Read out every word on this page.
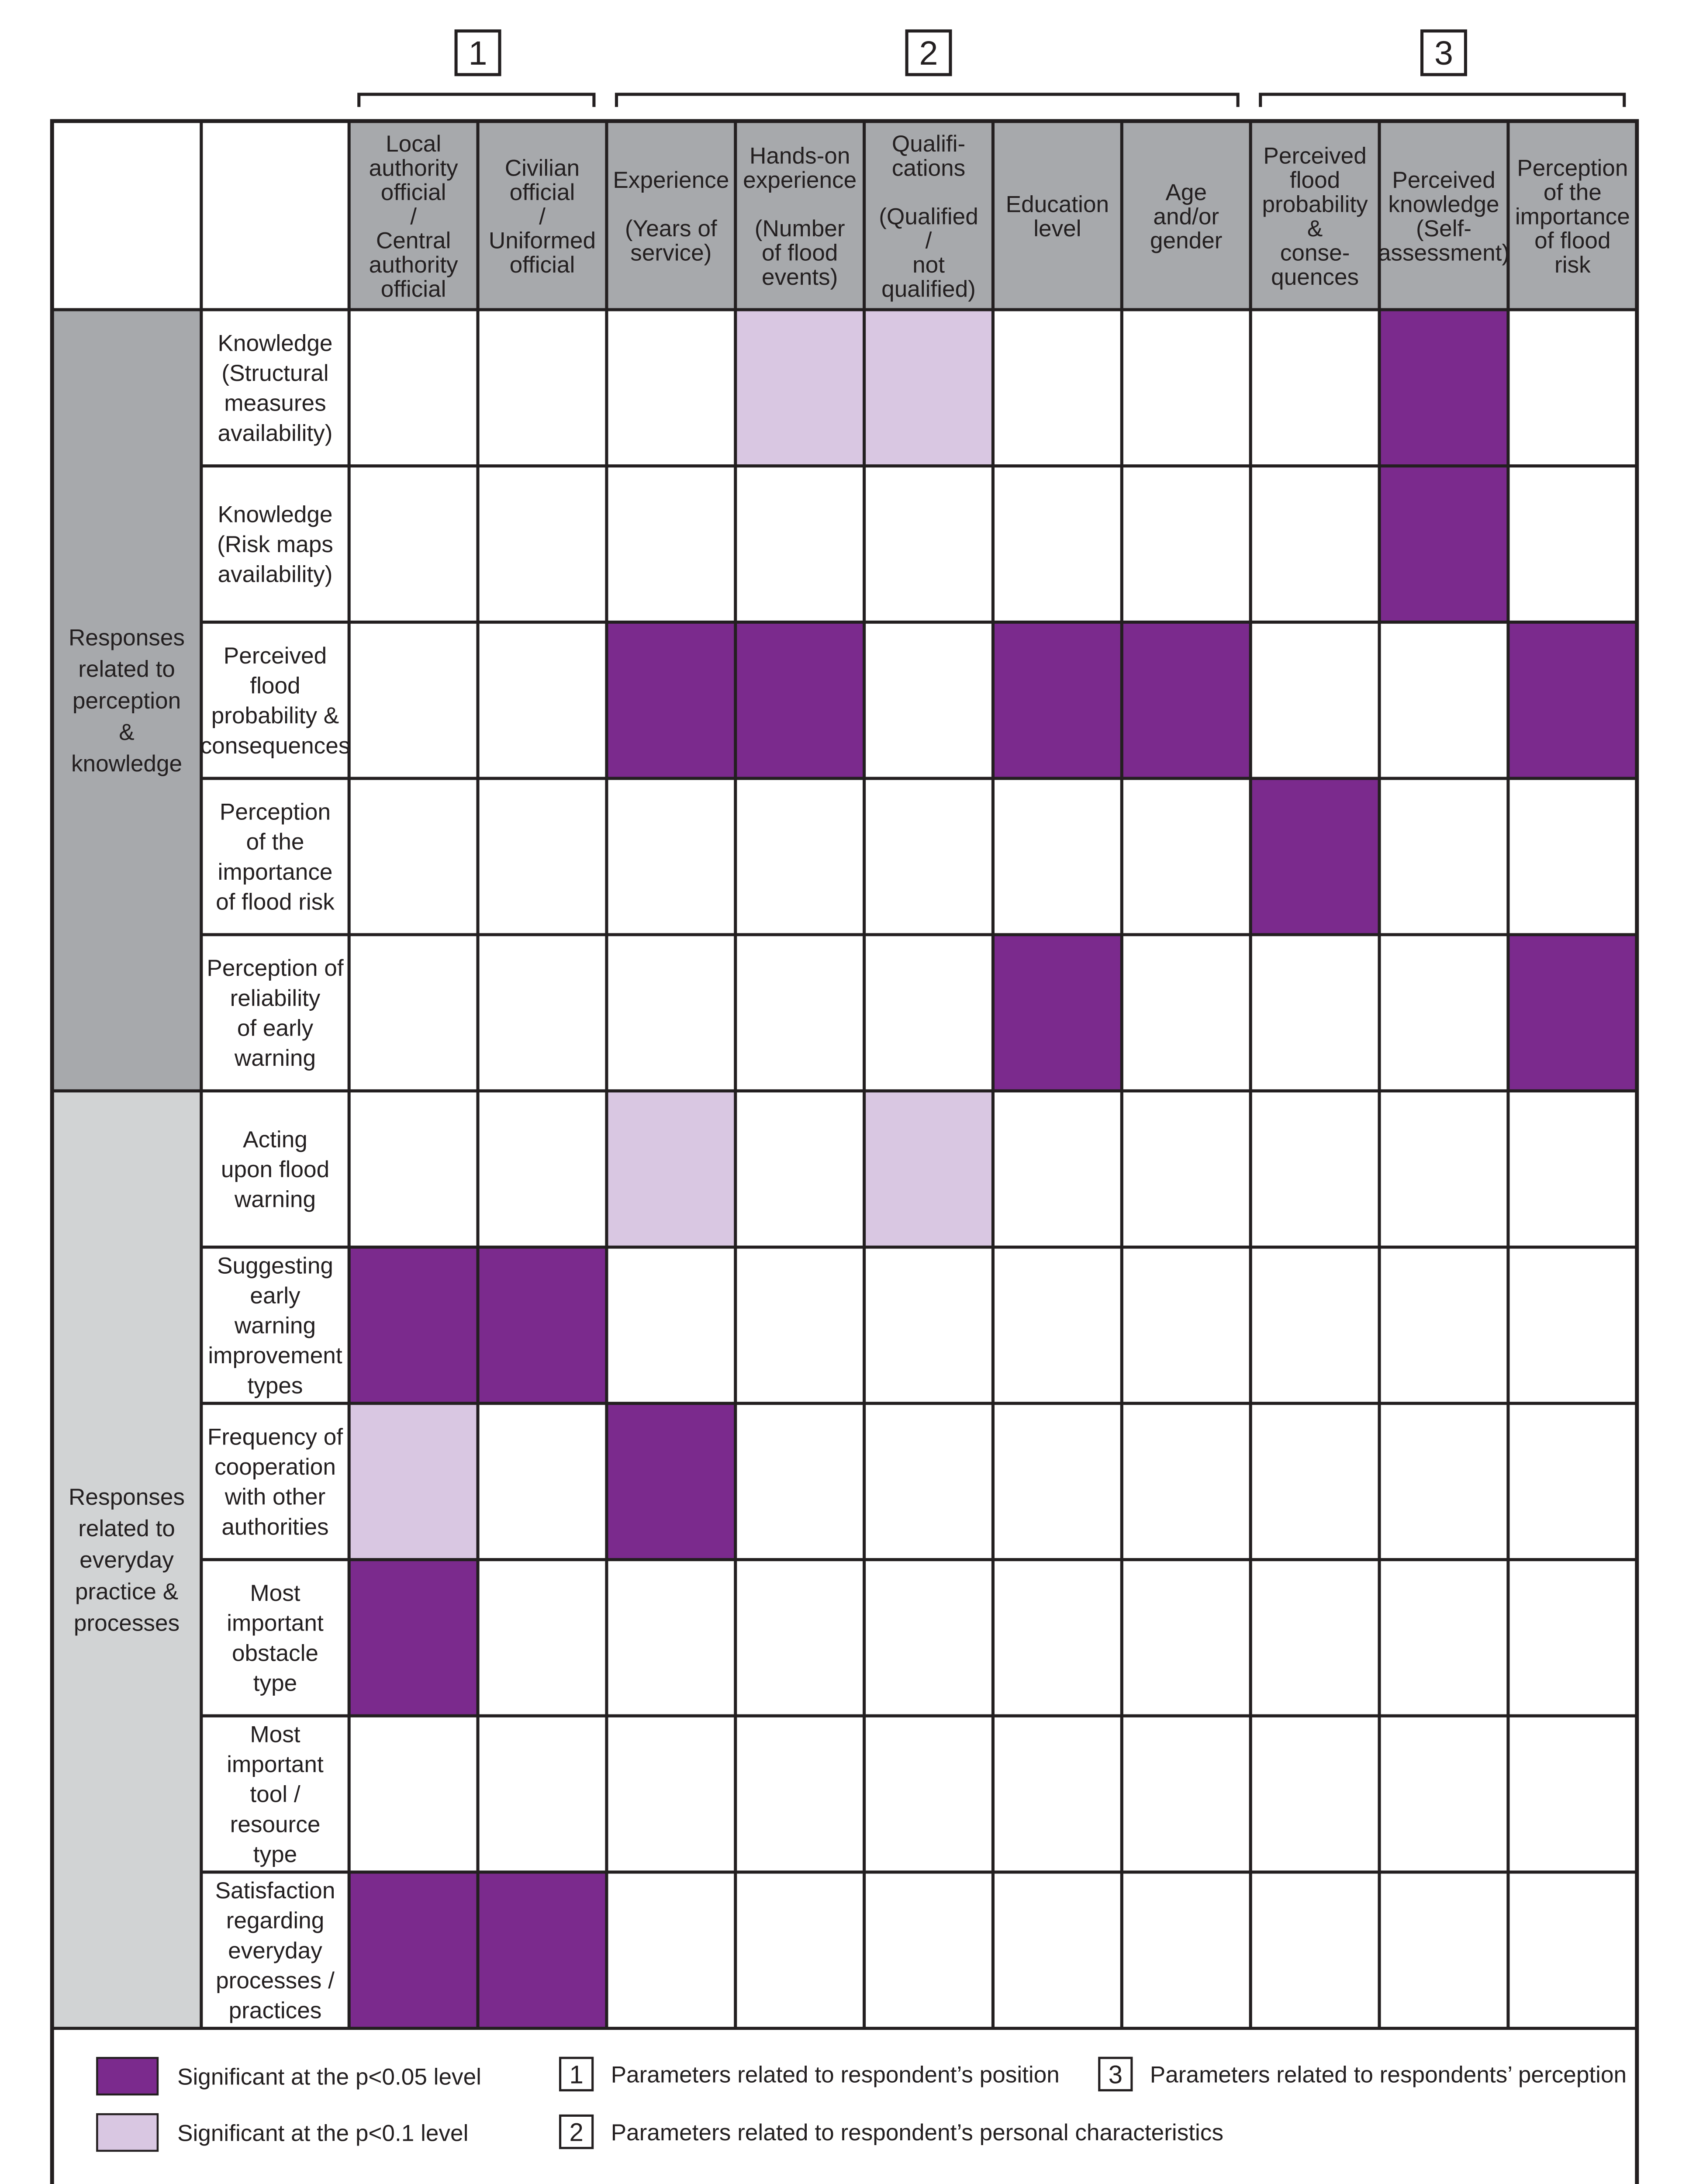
Responses related to perception & knowledge
Responses related to everyday practice & processes
Knowledge (Structural measures availability)
Knowledge (Risk maps availability)
Perceived flood probability & consequences
Perception of the importance of flood risk
Perception of reliability of early warning
Acting upon flood warning
Suggesting early warning improvement types
Frequency of cooperation with other authorities
Most important obstacle type
Most important tool / resource type
Satisfaction regarding everyday processes / practices
Local authority official / Central authority official
Civilian official / Uniformed official
Experience (Years of service)
Hands-on experience (Number of flood events)
Qualifi-cations (Qualified / not qualified)
Education level
Age and/or gender
Perceived flood probability & conse-quences
Perceived knowledge (Self-assessment)
Perception of the importance of flood risk
1	2	3
Significant at the p<0.05 level
Significant at the p<0.1 level
1 Parameters related to respondent’s position
2 Parameters related to respondent’s personal characteristics
3 Parameters related to respondents’ perception
